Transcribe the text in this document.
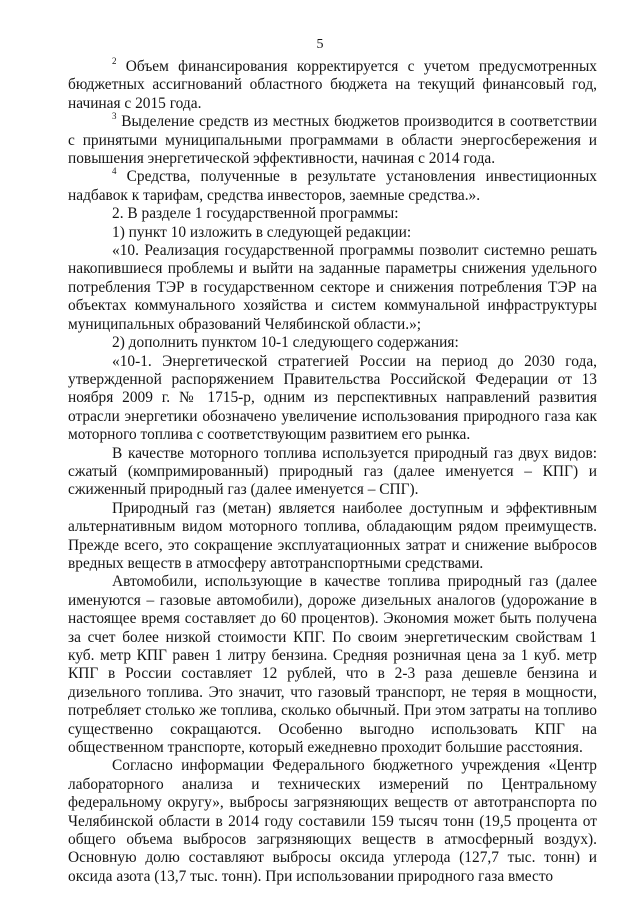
5

$^2$ Объем финансирования корректируется с учетом предусмотренных бюджетных ассигнований областного бюджета на текущий финансовый год, начиная с 2015 года.

$^3$ Выделение средств из местных бюджетов производится в соответствии с принятыми муниципальными программами в области энергосбережения и повышения энергетической эффективности, начиная с 2014 года.

$^4$ Средства, полученные в результате установления инвестиционных надбавок к тарифам, средства инвесторов, заемные средства.».

2. В разделе 1 государственной программы:

1) пункт 10 изложить в следующей редакции:

«10. Реализация государственной программы позволит системно решать накопившиеся проблемы и выйти на заданные параметры снижения удельного потребления ТЭР в государственном секторе и снижения потребления ТЭР на объектах коммунального хозяйства и систем коммунальной инфраструктуры муниципальных образований Челябинской области.»;

2) дополнить пунктом 10-1 следующего содержания:

«10-1. Энергетической стратегией России на период до 2030 года, утвержденной распоряжением Правительства Российской Федерации от 13 ноября 2009 г. № 1715-р, одним из перспективных направлений развития отрасли энергетики обозначено увеличение использования природного газа как моторного топлива с соответствующим развитием его рынка.

В качестве моторного топлива используется природный газ двух видов: сжатый (компримированный) природный газ (далее именуется – КПГ) и сжиженный природный газ (далее именуется – СПГ).

Природный газ (метан) является наиболее доступным и эффективным альтернативным видом моторного топлива, обладающим рядом преимуществ. Прежде всего, это сокращение эксплуатационных затрат и снижение выбросов вредных веществ в атмосферу автотранспортными средствами.

Автомобили, использующие в качестве топлива природный газ (далее именуются – газовые автомобили), дороже дизельных аналогов (удорожание в настоящее время составляет до 60 процентов). Экономия может быть получена за счет более низкой стоимости КПГ. По своим энергетическим свойствам 1 куб. метр КПГ равен 1 литру бензина. Средняя розничная цена за 1 куб. метр КПГ в России составляет 12 рублей, что в 2-3 раза дешевле бензина и дизельного топлива. Это значит, что газовый транспорт, не теряя в мощности, потребляет столько же топлива, сколько обычный. При этом затраты на топливо существенно сокращаются. Особенно выгодно использовать КПГ на общественном транспорте, который ежедневно проходит большие расстояния.

Согласно информации Федерального бюджетного учреждения «Центр лабораторного анализа и технических измерений по Центральному федеральному округу», выбросы загрязняющих веществ от автотранспорта по Челябинской области в 2014 году составили 159 тысяч тонн (19,5 процента от общего объема выбросов загрязняющих веществ в атмосферный воздух). Основную долю составляют выбросы оксида углерода (127,7 тыс. тонн) и оксида азота (13,7 тыс. тонн). При использовании природного газа вместо
